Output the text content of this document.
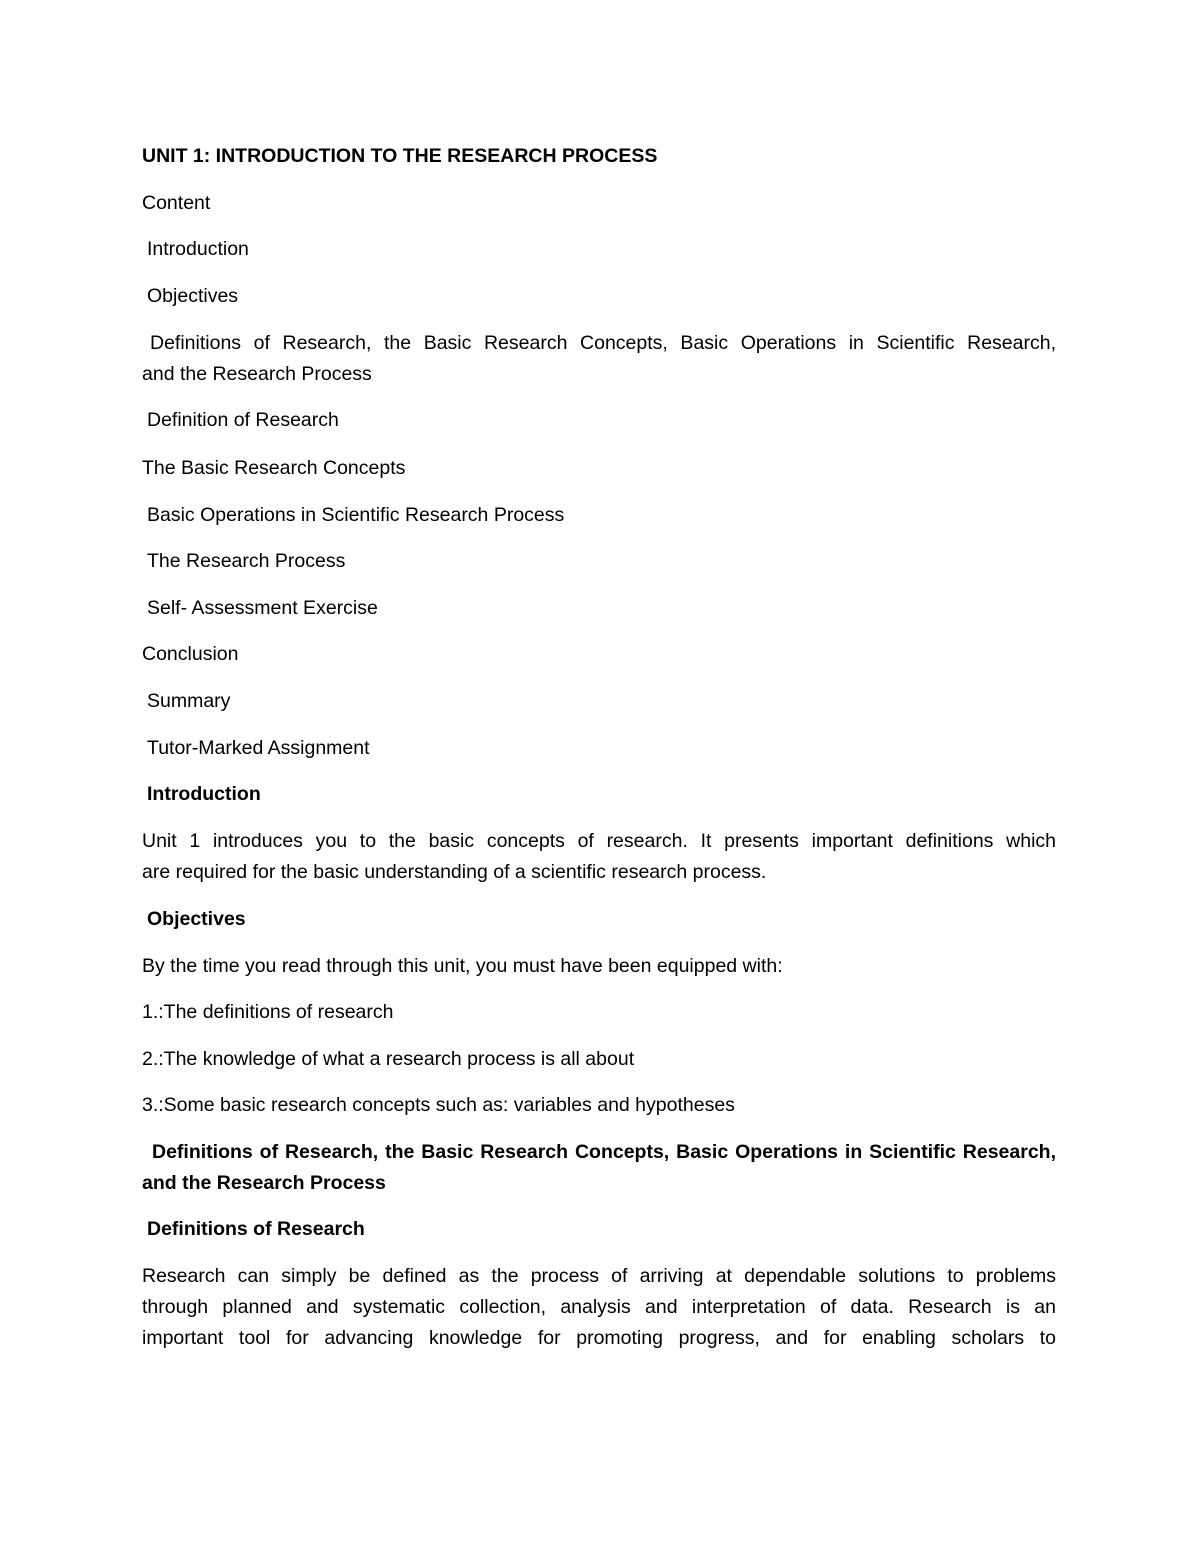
UNIT 1: INTRODUCTION TO THE RESEARCH PROCESS
Content
Introduction
Objectives
Definitions of Research, the Basic Research Concepts, Basic Operations in Scientific Research,
and the Research Process
Definition of Research
The Basic Research Concepts
Basic Operations in Scientific Research Process
The Research Process
Self- Assessment Exercise
Conclusion
Summary
Tutor-Marked Assignment
Introduction
Unit 1 introduces you to the basic concepts of research. It presents important definitions which
are required for the basic understanding of a scientific research process.
Objectives
By the time you read through this unit, you must have been equipped with:
1.:The definitions of research
2.:The knowledge of what a research process is all about
3.:Some basic research concepts such as: variables and hypotheses
Definitions of Research, the Basic Research Concepts, Basic Operations in Scientific Research,
and the Research Process
Definitions of Research
Research can simply be defined as the process of arriving at dependable solutions to problems
through planned and systematic collection, analysis and interpretation of data. Research is an
important tool for advancing knowledge for promoting progress, and for enabling scholars to
